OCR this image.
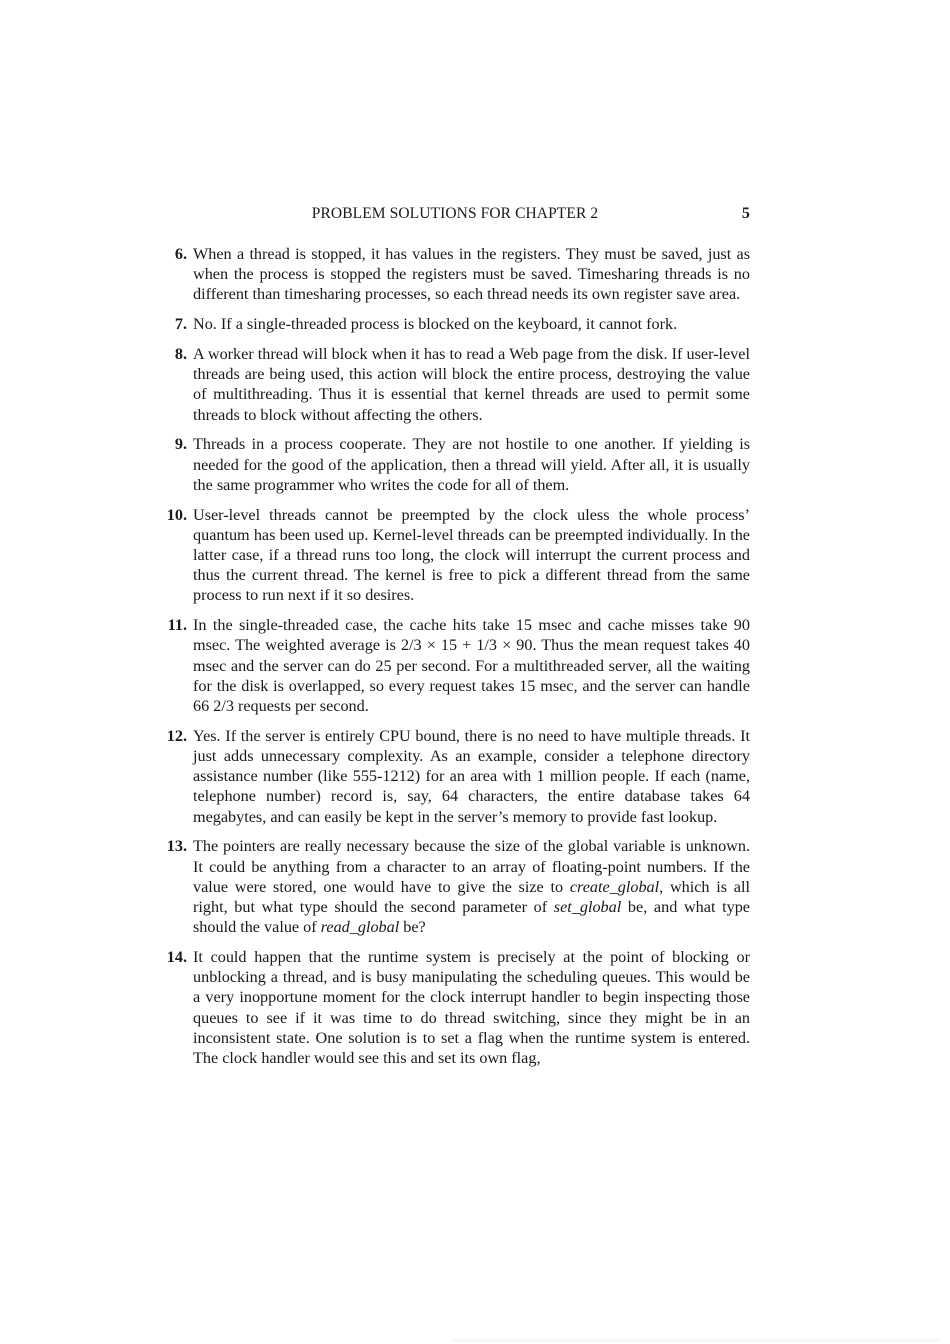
PROBLEM SOLUTIONS FOR CHAPTER 2	5
6. When a thread is stopped, it has values in the registers. They must be saved, just as when the process is stopped the registers must be saved. Timesharing threads is no different than timesharing processes, so each thread needs its own register save area.
7. No. If a single-threaded process is blocked on the keyboard, it cannot fork.
8. A worker thread will block when it has to read a Web page from the disk. If user-level threads are being used, this action will block the entire process, destroying the value of multithreading. Thus it is essential that kernel threads are used to permit some threads to block without affecting the others.
9. Threads in a process cooperate. They are not hostile to one another. If yielding is needed for the good of the application, then a thread will yield. After all, it is usually the same programmer who writes the code for all of them.
10. User-level threads cannot be preempted by the clock uless the whole process’ quantum has been used up. Kernel-level threads can be preempted individually. In the latter case, if a thread runs too long, the clock will interrupt the current process and thus the current thread. The kernel is free to pick a different thread from the same process to run next if it so desires.
11. In the single-threaded case, the cache hits take 15 msec and cache misses take 90 msec. The weighted average is 2/3 × 15 + 1/3 × 90. Thus the mean request takes 40 msec and the server can do 25 per second. For a multithreaded server, all the waiting for the disk is overlapped, so every request takes 15 msec, and the server can handle 66 2/3 requests per second.
12. Yes. If the server is entirely CPU bound, there is no need to have multiple threads. It just adds unnecessary complexity. As an example, consider a telephone directory assistance number (like 555-1212) for an area with 1 million people. If each (name, telephone number) record is, say, 64 characters, the entire database takes 64 megabytes, and can easily be kept in the server’s memory to provide fast lookup.
13. The pointers are really necessary because the size of the global variable is unknown. It could be anything from a character to an array of floating-point numbers. If the value were stored, one would have to give the size to create_global, which is all right, but what type should the second parameter of set_global be, and what type should the value of read_global be?
14. It could happen that the runtime system is precisely at the point of blocking or unblocking a thread, and is busy manipulating the scheduling queues. This would be a very inopportune moment for the clock interrupt handler to begin inspecting those queues to see if it was time to do thread switching, since they might be in an inconsistent state. One solution is to set a flag when the runtime system is entered. The clock handler would see this and set its own flag,
